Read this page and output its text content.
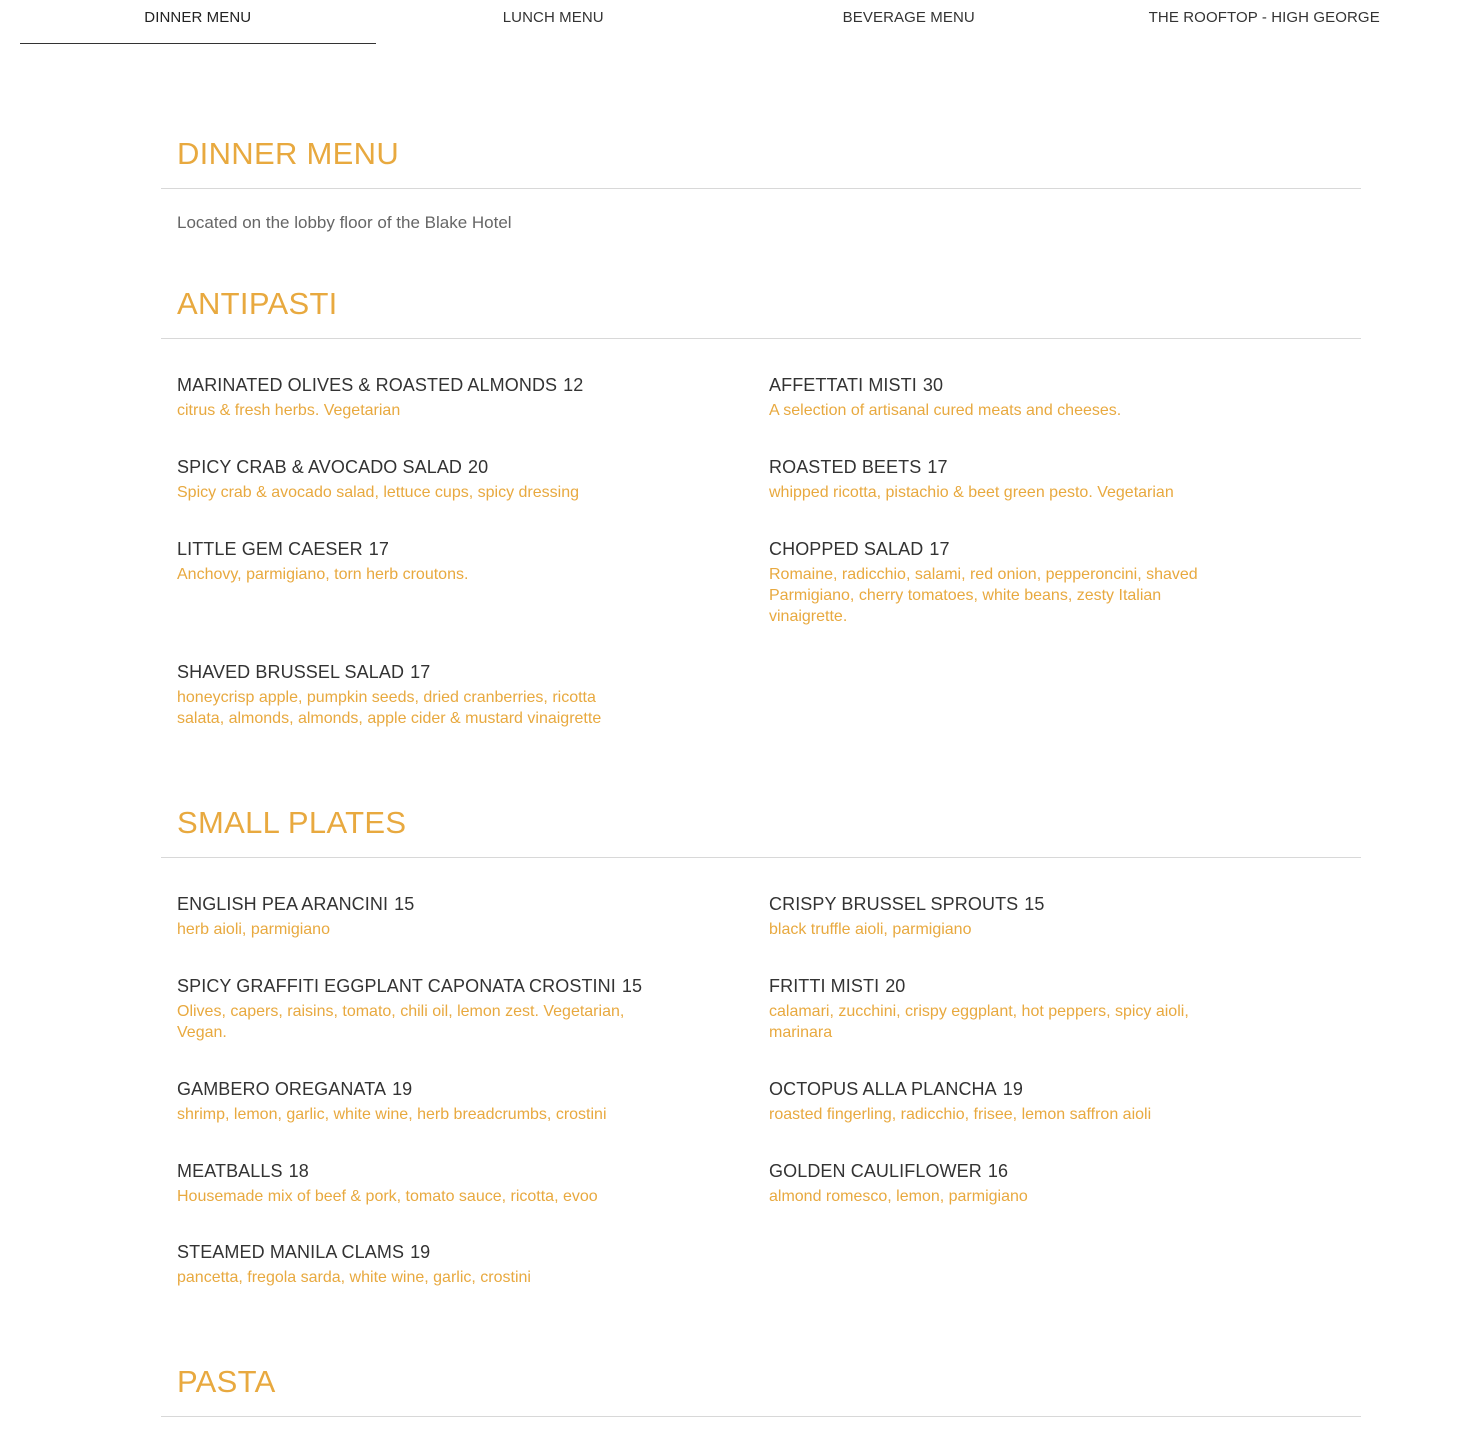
DINNER MENU	LUNCH MENU	BEVERAGE MENU	THE ROOFTOP - HIGH GEORGE
DINNER MENU
Located on the lobby floor of the Blake Hotel
ANTIPASTI
MARINATED OLIVES & ROASTED ALMONDS 12
citrus & fresh herbs. Vegetarian
AFFETTATI MISTI 30
A selection of artisanal cured meats and cheeses.
SPICY CRAB & AVOCADO SALAD 20
Spicy crab & avocado salad, lettuce cups, spicy dressing
ROASTED BEETS 17
whipped ricotta, pistachio & beet green pesto. Vegetarian
LITTLE GEM CAESER 17
Anchovy, parmigiano, torn herb croutons.
CHOPPED SALAD 17
Romaine, radicchio, salami, red onion, pepperoncini, shaved Parmigiano, cherry tomatoes, white beans, zesty Italian vinaigrette.
SHAVED BRUSSEL SALAD 17
honeycrisp apple, pumpkin seeds, dried cranberries, ricotta salata, almonds, almonds, apple cider & mustard vinaigrette
SMALL PLATES
ENGLISH PEA ARANCINI 15
herb aioli, parmigiano
CRISPY BRUSSEL SPROUTS 15
black truffle aioli, parmigiano
SPICY GRAFFITI EGGPLANT CAPONATA CROSTINI 15
Olives, capers, raisins, tomato, chili oil, lemon zest. Vegetarian, Vegan.
FRITTI MISTI 20
calamari, zucchini, crispy eggplant, hot peppers, spicy aioli, marinara
GAMBERO OREGANATA 19
shrimp, lemon, garlic, white wine, herb breadcrumbs, crostini
OCTOPUS ALLA PLANCHA 19
roasted fingerling, radicchio, frisee, lemon saffron aioli
MEATBALLS 18
Housemade mix of beef & pork, tomato sauce, ricotta, evoo
GOLDEN CAULIFLOWER 16
almond romesco, lemon, parmigiano
STEAMED MANILA CLAMS 19
pancetta, fregola sarda, white wine, garlic, crostini
PASTA
